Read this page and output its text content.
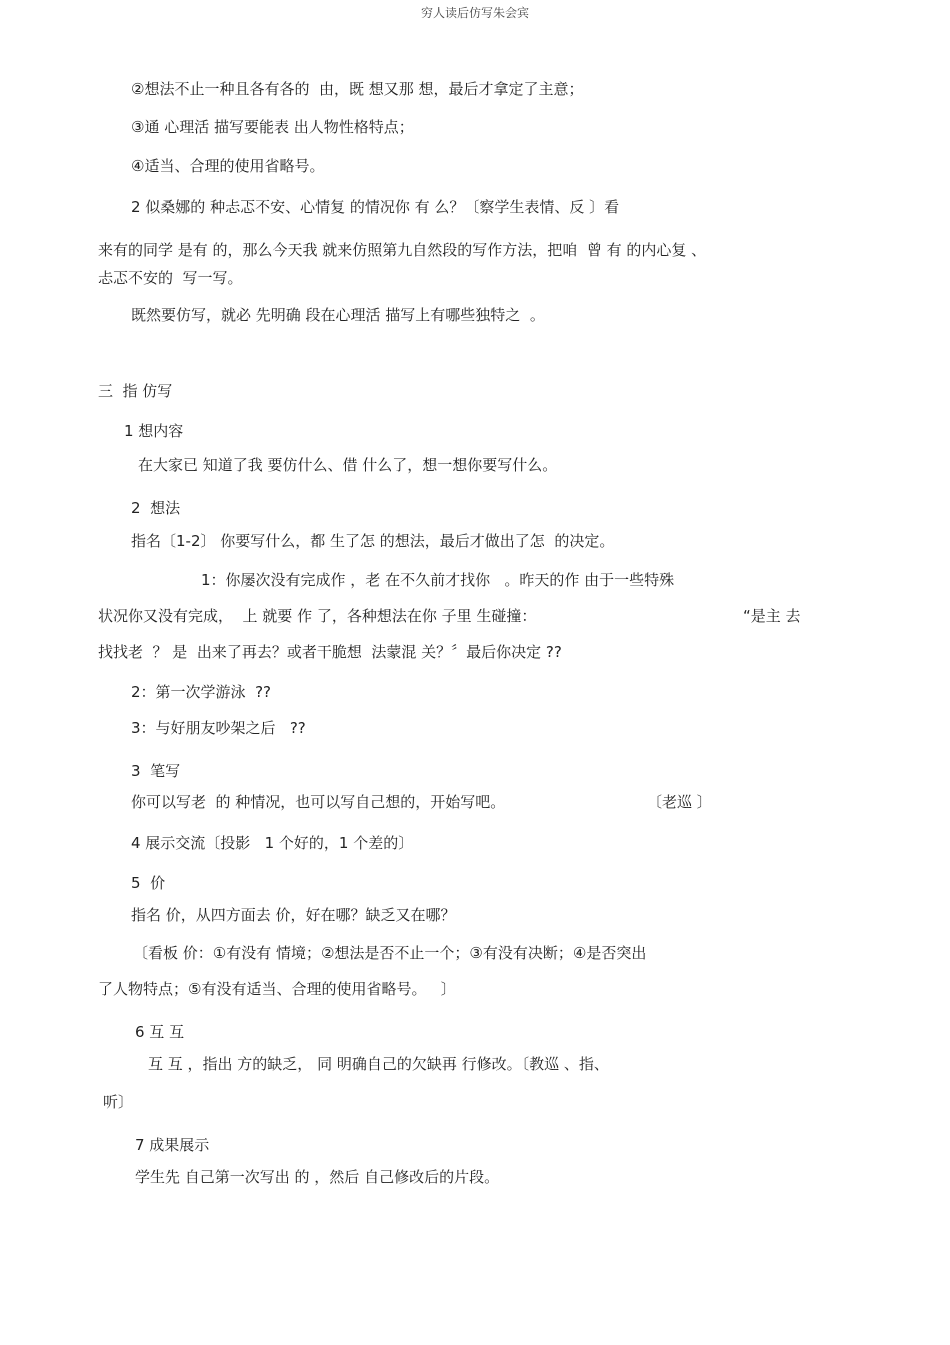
穷人读后仿写朱会宾
②想法不止一种且各有各的  由，既 想又那 想，最后才拿定了主意；
③通 心理活 描写要能表 出人物性格特点；
④适当、合理的使用省略号。
2 似桑娜的 种忐忑不安、心情复 的情况你 有 么？〔察学生表情、反 〕看
来有的同学 是有 的，那么今天我 就来仿照第九自然段的写作方法，把咱  曾 有 的内心复 、
忐忑不安的  写一写。
既然要仿写，就必 先明确 段在心理活 描写上有哪些独特之  。
三  指 仿写
1 想内容
在大家已 知道了我 要仿什么、借 什么了，想一想你要写什么。
2  想法
指名〔1-2〕 你要写什么，都 生了怎 的想法，最后才做出了怎  的决定。
1：你屡次没有完成作 ，老 在不久前才找你   。昨天的作 由于一些特殊
状况你又没有完成，  上 就要 作 了，各种想法在你 子里 生碰撞：	“是主 去
找找老  ？ 是  出来了再去？或者干脆想  法蒙混 关？〞最后你决定 ??
2：第一次学游泳  ??
3：与好朋友吵架之后   ??
3  笔写
你可以写老  的 种情况，也可以写自己想的，开始写吧。	〔老巡 〕
4 展示交流〔投影   1 个好的，1 个差的〕
5  价
指名 价，从四方面去 价，好在哪？缺乏又在哪？
〔看板 价：①有没有 情境；②想法是否不止一个；③有没有决断；④是否突出
了人物特点；⑤有没有适当、合理的使用省略号。   〕
6 互 互
互 互 ，指出 方的缺乏， 同 明确自己的欠缺再 行修改。〔教巡 、指、
听〕
7 成果展示
学生先 自己第一次写出 的 ，然后 自己修改后的片段。
